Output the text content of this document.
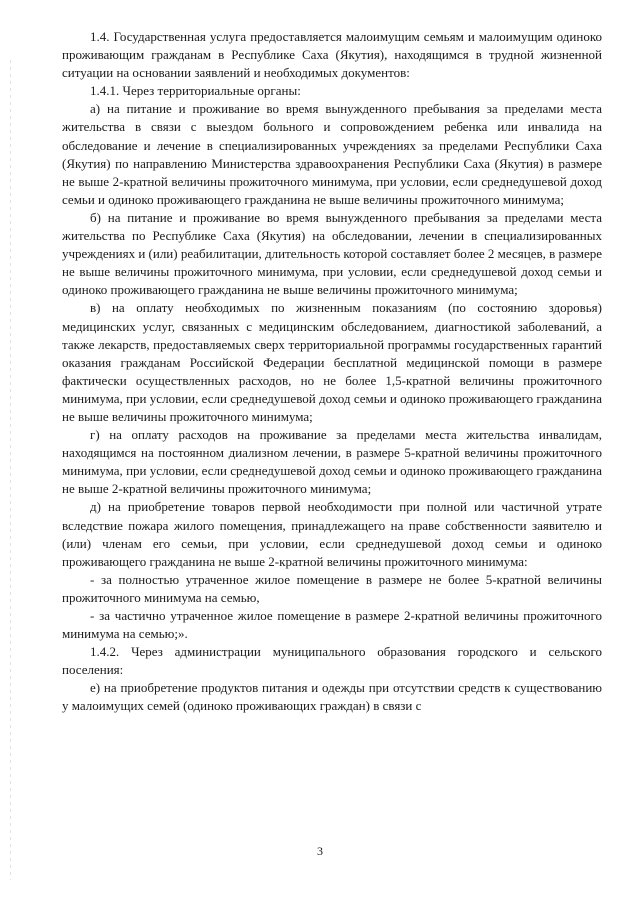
1.4. Государственная услуга предоставляется малоимущим семьям и малоимущим одиноко проживающим гражданам в Республике Саха (Якутия), находящимся в трудной жизненной ситуации на основании заявлений и необходимых документов:

1.4.1. Через территориальные органы:

а) на питание и проживание во время вынужденного пребывания за пределами места жительства в связи с выездом больного и сопровождением ребенка или инвалида на обследование и лечение в специализированных учреждениях за пределами Республики Саха (Якутия) по направлению Министерства здравоохранения Республики Саха (Якутия) в размере не выше 2-кратной величины прожиточного минимума, при условии, если среднедушевой доход семьи и одиноко проживающего гражданина не выше величины прожиточного минимума;

б) на питание и проживание во время вынужденного пребывания за пределами места жительства по Республике Саха (Якутия) на обследовании, лечении в специализированных учреждениях и (или) реабилитации, длительность которой составляет более 2 месяцев, в размере не выше величины прожиточного минимума, при условии, если среднедушевой доход семьи и одиноко проживающего гражданина не выше величины прожиточного минимума;

в) на оплату необходимых по жизненным показаниям (по состоянию здоровья) медицинских услуг, связанных с медицинским обследованием, диагностикой заболеваний, а также лекарств, предоставляемых сверх территориальной программы государственных гарантий оказания гражданам Российской Федерации бесплатной медицинской помощи в размере фактически осуществленных расходов, но не более 1,5-кратной величины прожиточного минимума, при условии, если среднедушевой доход семьи и одиноко проживающего гражданина не выше величины прожиточного минимума;

г) на оплату расходов на проживание за пределами места жительства инвалидам, находящимся на постоянном диализном лечении, в размере 5-кратной величины прожиточного минимума, при условии, если среднедушевой доход семьи и одиноко проживающего гражданина не выше 2-кратной величины прожиточного минимума;

д) на приобретение товаров первой необходимости при полной или частичной утрате вследствие пожара жилого помещения, принадлежащего на праве собственности заявителю и (или) членам его семьи, при условии, если среднедушевой доход семьи и одиноко проживающего гражданина не выше 2-кратной величины прожиточного минимума:

- за полностью утраченное жилое помещение в размере не более 5-кратной величины прожиточного минимума на семью,

- за частично утраченное жилое помещение в размере 2-кратной величины прожиточного минимума на семью;».

1.4.2. Через администрации муниципального образования городского и сельского поселения:

е) на приобретение продуктов питания и одежды при отсутствии средств к существованию у малоимущих семей (одиноко проживающих граждан) в связи с

3
